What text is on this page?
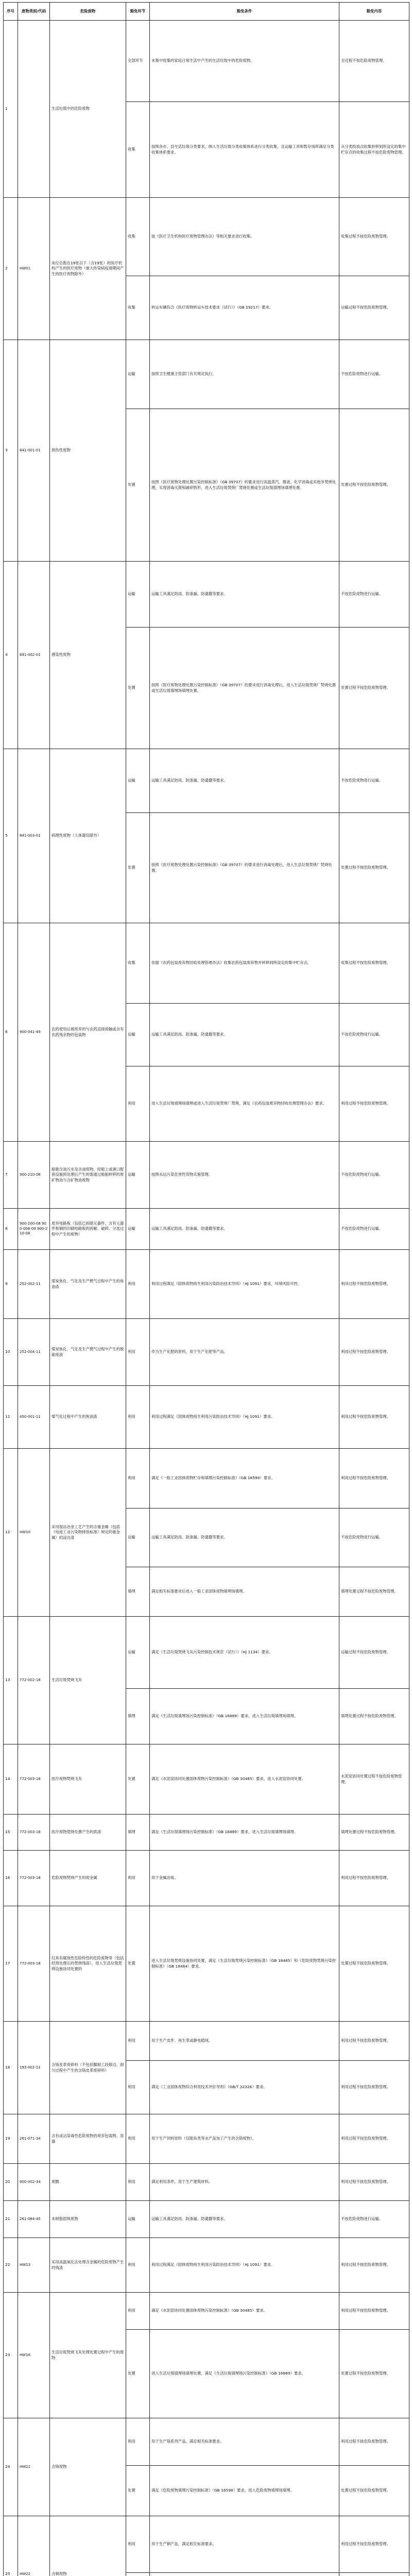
序号	废物类别/代码	危险废物	豁免环节	豁免条件	豁免内容
1		生活垃圾中的危险废物	全部环节	未集中收集的家庭日常生活中产生的生活垃圾中的危险废物。	全过程不按危险废物管理。
			收集	按照各市、县生活垃圾分类要求，纳入生活垃圾分类收集体系进行分类收集，且运输工具和暂存场所满足分类收集体系要求。	从分类投放点收集转移到所设定的集中贮存点的收集过程不按危险废物管理。
2	HW01	床位总数在19张以下（含19张）的医疗机构产生的医疗废物（重大传染病疫情期间产生的医疗废物除外）	收集	按《医疗卫生机构医疗废物管理办法》等相关要求进行收集。	收集过程不按危险废物管理。
			收集	转运车辆符合《医疗废物转运车技术要求（试行）》（GB 19217）要求。	运输过程不按危险废物管理。
3	841-001-01	损伤性废物	运输	按照卫生健康主管部门有关规定执行。	不按危险废物进行运输。
			处置	按照《医疗废物处理处置污染控制标准》（GB 39707）的要求进行高温蒸汽、微波、化学消毒或其他非焚烧处理，实现消毒灭菌和破碎毁形，进入生活垃圾焚烧厂焚烧处置或生活垃圾填埋场填埋处置。	处置过程不按危险废物管理。
4	841-002-01	感染性废物	运输	运输工具满足防雨、防渗漏、防遗撒等要求。	不按危险废物进行运输。
			处置	按照《医疗废物处理处置污染控制标准》（GB 39707）的要求进行消毒处理后，进入生活垃圾焚烧厂焚烧处置或生活垃圾填埋场填埋处置。	处置过程不按危险废物管理。
5	841-003-01	病理性废物（人体器官除外）	运输	运输工具满足防雨、防渗漏、防遗撒等要求。	不按危险废物进行运输。
			处置	按照《医疗废物处理处置污染控制标准》（GB 39707）的要求进行消毒处理后，进入生活垃圾焚烧厂焚烧处置。	处置过程不按危险废物管理。
6	900-041-49	农药使用后被废弃的与农药直接接触或含有农药残余物的包装物	收集	依据《农药包装废弃物回收处理管理办法》收集农药包装废弃物并转移到所设定的集中贮存点。	收集过程不按危险废物管理。
			运输	运输工具满足防雨、防渗漏、防遗撒等要求。	不按危险废物进行运输。
			利用	进入生活垃圾填埋场填埋或进入生活垃圾焚烧厂焚烧，满足《农药包装废弃物回收处理管理办法》要求。	利用过程不按危险废物管理。
7	900-210-08	船舶含油污水及含油废物，经船上或港口配套设施预处理后产生的需通过船舶转移的废矿物油与含矿物油废物	运输	按照水运污染危害性货物实施管理。	不按危险废物进行运输。
8	900-200-08 900-006-09 900-210-08	废弃电路板（包括已拆除元器件、含有元器件和铜的印刷电路板的拆解、破碎、分选过程中产生的废物）	运输	运输工具满足防雨、防渗漏、防遗撒等要求。	不按危险废物进行运输。
9	252-002-11	煤炭焦化、气化及生产燃气过程中产生的焦油渣	利用	利用过程满足《固体废物再生利用污染防治技术导则》（HJ 1091）要求，环境风险可控。	利用过程不按危险废物管理。
10	252-004-11	煤炭焦化、气化及生产燃气过程中产生的脱硫废液	利用	作为生产化肥的原料，用于生产化肥等产品。	利用过程不按危险废物管理。
11	450-001-11	煤气化过程中产生的焦油渣	利用	利用过程满足《固体废物再生利用污染防治技术导则》（HJ 1091）要求。	利用过程不按危险废物管理。
12	HW10	采用湿法冶金工艺产生的含重金属（包括《电池工业污染物排放标准》规定的重金属）的浸出渣	利用	满足《一般工业固体废物贮存和填埋污染控制标准》（GB 18599）要求。	利用过程不按危险废物管理。
			运输	运输工具满足防雨、防渗漏、防遗撒等要求。	不按危险废物进行运输。
			填埋	满足相关标准要求后进入一般工业固体废物填埋场填埋。	填埋处置过程不按危险废物管理。
13	772-002-18	生活垃圾焚烧飞灰	运输	满足《生活垃圾焚烧飞灰污染控制技术规范（试行）》（HJ 1134）要求。	运输过程不按危险废物管理。
			填埋	满足《生活垃圾填埋场污染控制标准》（GB 16889）要求，进入生活垃圾填埋场填埋。	填埋处置过程不按危险废物管理。
14	772-003-18	医疗废物焚烧飞灰	处置	满足《水泥窑协同处置固体废物污染控制标准》（GB 30485）要求，进入水泥窑协同处置。	水泥窑协同处置过程不按危险废物管理。
15	772-003-18	医疗废物焚烧处置产生的底渣	填埋	满足《生活垃圾填埋场污染控制标准》（GB 16889）要求，进入生活垃圾填埋场填埋。	填埋处置过程不按危险废物管理。
16	772-003-18	危险废物焚烧产生的废金属	利用	用于金属冶炼。	利用过程不按危险废物管理。
17	772-003-18	仅具有腐蚀性危险特性的危险废物等（包括经预处理后的焚烧残渣），进入生活垃圾焚烧设施协同处置的	处置	进入生活垃圾焚烧设施协同处置，满足《生活垃圾焚烧污染控制标准》（GB 18485）和《危险废物焚烧污染控制标准》（GB 18484）要求。	处置过程不按危险废物管理。
18	193-002-21	含铬皮革废碎料（不包括鞣制工段修边、削匀过程中产生的含铬皮革废碎料）	利用	用于生产皮件、再生革或静电植绒。	利用过程不按危险废物管理。
			利用	满足《工业固体废物综合利用技术评价导则》（GB/T 32326）要求。	利用过程不按危险废物管理。
19	261-071-34	含有或沾染毒性危险废物的废弃包装物、容器	利用	用于生产饲料原料（仅限鱼类等水产品加工产生的含铬废物）。	利用过程不按危险废物管理。
20	900-002-34	废酸	利用	满足利用条件，用于生产建筑材料。	利用过程不按危险废物管理。
21	261-084-45	本树脂固体废物	运输	运输工具满足防雨、防渗漏、防遗撒等要求。	不按危险废物进行运输。
22	HW13	采用高温氧化法处理含金属的危险废物产生的残渣	利用	利用过程满足《固体废物再生利用污染防治技术导则》（HJ 1091）要求。	利用过程不按危险废物管理。
23	HW16	生活垃圾焚烧飞灰处理处置过程中产生的废物	利用	满足《水泥窑协同处置固体废物污染控制标准》（GB 30485）要求。	利用过程不按危险废物管理。
			处置	进入生活垃圾填埋场填埋处置，满足《生活垃圾填埋场污染控制标准》（GB 16889）要求。	处置过程不按危险废物管理。
24	HW21	含铬废物	利用	用于生产铬系列产品，满足相关标准要求。	利用过程不按危险废物管理。
			处置	满足《危险废物填埋污染控制标准》（GB 18598）要求，进入危险废物填埋场填埋。	处置过程不按危险废物管理。
25	HW22	含铜废物	利用	用于生产铜产品，满足相关标准要求。	利用过程不按危险废物管理。
